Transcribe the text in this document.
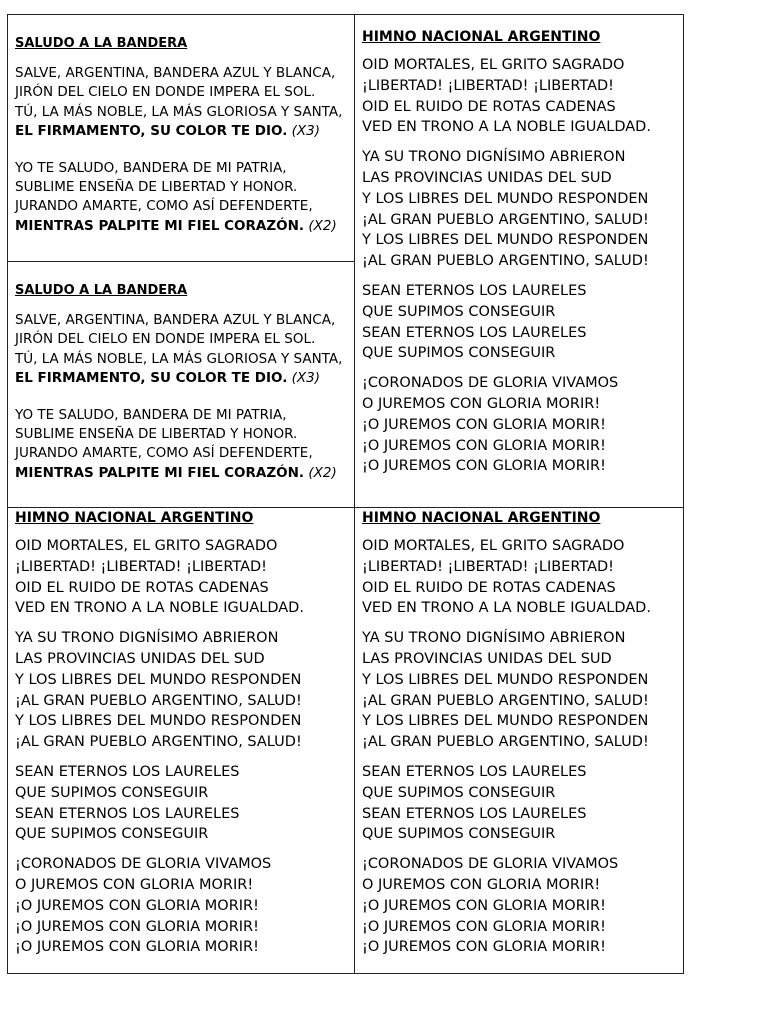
SALUDO A LA BANDERA
SALVE, ARGENTINA, BANDERA AZUL Y BLANCA,
JIRÓN DEL CIELO EN DONDE IMPERA EL SOL.
TÚ, LA MÁS NOBLE, LA MÁS GLORIOSA Y SANTA,
EL FIRMAMENTO, SU COLOR TE DIO. (X3)
YO TE SALUDO, BANDERA DE MI PATRIA,
SUBLIME ENSEÑA DE LIBERTAD Y HONOR.
JURANDO AMARTE, COMO ASÍ DEFENDERTE,
MIENTRAS PALPITE MI FIEL CORAZÓN. (X2)
SALUDO A LA BANDERA
SALVE, ARGENTINA, BANDERA AZUL Y BLANCA,
JIRÓN DEL CIELO EN DONDE IMPERA EL SOL.
TÚ, LA MÁS NOBLE, LA MÁS GLORIOSA Y SANTA,
EL FIRMAMENTO, SU COLOR TE DIO. (X3)
YO TE SALUDO, BANDERA DE MI PATRIA,
SUBLIME ENSEÑA DE LIBERTAD Y HONOR.
JURANDO AMARTE, COMO ASÍ DEFENDERTE,
MIENTRAS PALPITE MI FIEL CORAZÓN. (X2)
HIMNO NACIONAL ARGENTINO
OID MORTALES, EL GRITO SAGRADO
¡LIBERTAD! ¡LIBERTAD! ¡LIBERTAD!
OID EL RUIDO DE ROTAS CADENAS
VED EN TRONO A LA NOBLE IGUALDAD.
YA SU TRONO DIGNÍSIMO ABRIERON
LAS PROVINCIAS UNIDAS DEL SUD
Y LOS LIBRES DEL MUNDO RESPONDEN
¡AL GRAN PUEBLO ARGENTINO, SALUD!
Y LOS LIBRES DEL MUNDO RESPONDEN
¡AL GRAN PUEBLO ARGENTINO, SALUD!
SEAN ETERNOS LOS LAURELES
QUE SUPIMOS CONSEGUIR
SEAN ETERNOS LOS LAURELES
QUE SUPIMOS CONSEGUIR
¡CORONADOS DE GLORIA VIVAMOS
O JUREMOS CON GLORIA MORIR!
¡O JUREMOS CON GLORIA MORIR!
¡O JUREMOS CON GLORIA MORIR!
¡O JUREMOS CON GLORIA MORIR!
HIMNO NACIONAL ARGENTINO
OID MORTALES, EL GRITO SAGRADO
¡LIBERTAD! ¡LIBERTAD! ¡LIBERTAD!
OID EL RUIDO DE ROTAS CADENAS
VED EN TRONO A LA NOBLE IGUALDAD.
YA SU TRONO DIGNÍSIMO ABRIERON
LAS PROVINCIAS UNIDAS DEL SUD
Y LOS LIBRES DEL MUNDO RESPONDEN
¡AL GRAN PUEBLO ARGENTINO, SALUD!
Y LOS LIBRES DEL MUNDO RESPONDEN
¡AL GRAN PUEBLO ARGENTINO, SALUD!
SEAN ETERNOS LOS LAURELES
QUE SUPIMOS CONSEGUIR
SEAN ETERNOS LOS LAURELES
QUE SUPIMOS CONSEGUIR
¡CORONADOS DE GLORIA VIVAMOS
O JUREMOS CON GLORIA MORIR!
¡O JUREMOS CON GLORIA MORIR!
¡O JUREMOS CON GLORIA MORIR!
¡O JUREMOS CON GLORIA MORIR!
HIMNO NACIONAL ARGENTINO
OID MORTALES, EL GRITO SAGRADO
¡LIBERTAD! ¡LIBERTAD! ¡LIBERTAD!
OID EL RUIDO DE ROTAS CADENAS
VED EN TRONO A LA NOBLE IGUALDAD.
YA SU TRONO DIGNÍSIMO ABRIERON
LAS PROVINCIAS UNIDAS DEL SUD
Y LOS LIBRES DEL MUNDO RESPONDEN
¡AL GRAN PUEBLO ARGENTINO, SALUD!
Y LOS LIBRES DEL MUNDO RESPONDEN
¡AL GRAN PUEBLO ARGENTINO, SALUD!
SEAN ETERNOS LOS LAURELES
QUE SUPIMOS CONSEGUIR
SEAN ETERNOS LOS LAURELES
QUE SUPIMOS CONSEGUIR
¡CORONADOS DE GLORIA VIVAMOS
O JUREMOS CON GLORIA MORIR!
¡O JUREMOS CON GLORIA MORIR!
¡O JUREMOS CON GLORIA MORIR!
¡O JUREMOS CON GLORIA MORIR!
